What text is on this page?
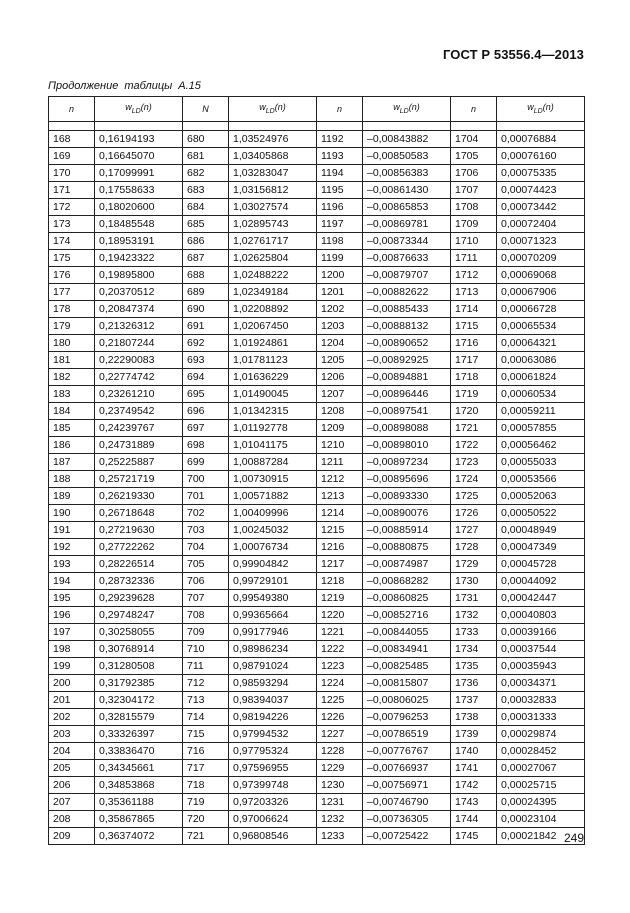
ГОСТ Р 53556.4—2013
Продолжение таблицы А.15
n	$w_{LD}(n)$	N	$w_{LD}(n)$	n	$w_{LD}(n)$	n	$w_{LD}(n)$

168	0,16194193	680	1,03524976	1192	–0,00843882	1704	0,00076884
169	0,16645070	681	1,03405868	1193	–0,00850583	1705	0,00076160
170	0,17099991	682	1,03283047	1194	–0,00856383	1706	0,00075335
171	0,17558633	683	1,03156812	1195	–0,00861430	1707	0,00074423
172	0,18020600	684	1,03027574	1196	–0,00865853	1708	0,00073442
173	0,18485548	685	1,02895743	1197	–0,00869781	1709	0,00072404
174	0,18953191	686	1,02761717	1198	–0,00873344	1710	0,00071323
175	0,19423322	687	1,02625804	1199	–0,00876633	1711	0,00070209
176	0,19895800	688	1,02488222	1200	–0,00879707	1712	0,00069068
177	0,20370512	689	1,02349184	1201	–0,00882622	1713	0,00067906
178	0,20847374	690	1,02208892	1202	–0,00885433	1714	0,00066728
179	0,21326312	691	1,02067450	1203	–0,00888132	1715	0,00065534
180	0,21807244	692	1,01924861	1204	–0,00890652	1716	0,00064321
181	0,22290083	693	1,01781123	1205	–0,00892925	1717	0,00063086
182	0,22774742	694	1,01636229	1206	–0,00894881	1718	0,00061824
183	0,23261210	695	1,01490045	1207	–0,00896446	1719	0,00060534
184	0,23749542	696	1,01342315	1208	–0,00897541	1720	0,00059211
185	0,24239767	697	1,01192778	1209	–0,00898088	1721	0,00057855
186	0,24731889	698	1,01041175	1210	–0,00898010	1722	0,00056462
187	0,25225887	699	1,00887284	1211	–0,00897234	1723	0,00055033
188	0,25721719	700	1,00730915	1212	–0,00895696	1724	0,00053566
189	0,26219330	701	1,00571882	1213	–0,00893330	1725	0,00052063
190	0,26718648	702	1,00409996	1214	–0,00890076	1726	0,00050522
191	0,27219630	703	1,00245032	1215	–0,00885914	1727	0,00048949
192	0,27722262	704	1,00076734	1216	–0,00880875	1728	0,00047349
193	0,28226514	705	0,99904842	1217	–0,00874987	1729	0,00045728
194	0,28732336	706	0,99729101	1218	–0,00868282	1730	0,00044092
195	0,29239628	707	0,99549380	1219	–0,00860825	1731	0,00042447
196	0,29748247	708	0,99365664	1220	–0,00852716	1732	0,00040803
197	0,30258055	709	0,99177946	1221	–0,00844055	1733	0,00039166
198	0,30768914	710	0,98986234	1222	–0,00834941	1734	0,00037544
199	0,31280508	711	0,98791024	1223	–0,00825485	1735	0,00035943
200	0,31792385	712	0,98593294	1224	–0,00815807	1736	0,00034371
201	0,32304172	713	0,98394037	1225	–0,00806025	1737	0,00032833
202	0,32815579	714	0,98194226	1226	–0,00796253	1738	0,00031333
203	0,33326397	715	0,97994532	1227	–0,00786519	1739	0,00029874
204	0,33836470	716	0,97795324	1228	–0,00776767	1740	0,00028452
205	0,34345661	717	0,97596955	1229	–0,00766937	1741	0,00027067
206	0,34853868	718	0,97399748	1230	–0,00756971	1742	0,00025715
207	0,35361188	719	0,97203326	1231	–0,00746790	1743	0,00024395
208	0,35867865	720	0,97006624	1232	–0,00736305	1744	0,00023104
209	0,36374072	721	0,96808546	1233	–0,00725422	1745	0,00021842 249
